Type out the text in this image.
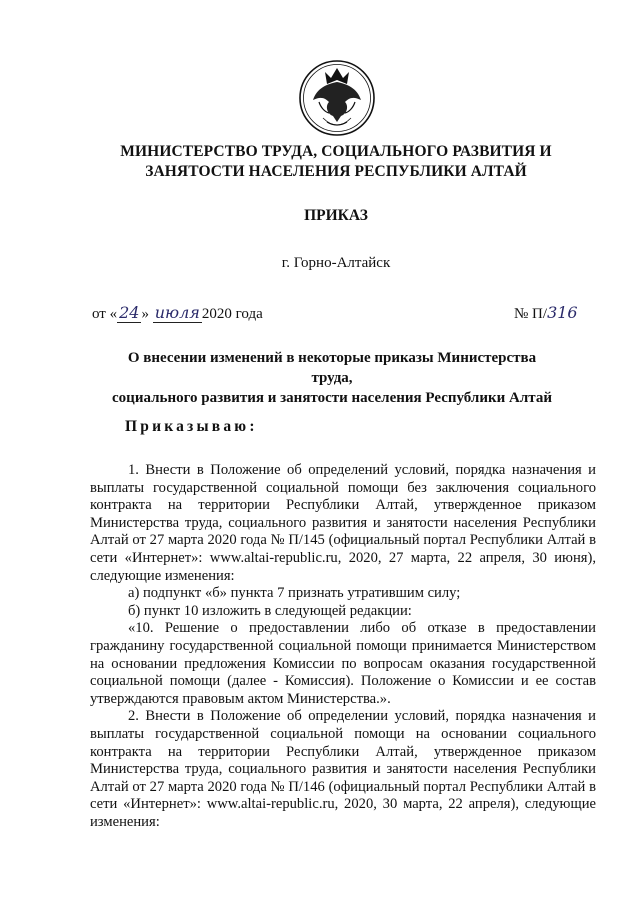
МИНИСТЕРСТВО ТРУДА, СОЦИАЛЬНОГО РАЗВИТИЯ И
ЗАНЯТОСТИ НАСЕЛЕНИЯ РЕСПУБЛИКИ АЛТАЙ
ПРИКАЗ
г. Горно-Алтайск
от « 24 » июля 2020 года	№ П/316
О внесении изменений в некоторые приказы Министерства труда,
социального развития и занятости населения Республики Алтай
Приказываю:

1. Внести в Положение об определений условий, порядка назначения и выплаты государственной социальной помощи без заключения социального контракта на территории Республики Алтай, утвержденное приказом Министерства труда, социального развития и занятости населения Республики Алтай от 27 марта 2020 года № П/145 (официальный портал Республики Алтай в сети «Интернет»: www.altai-republic.ru, 2020, 27 марта, 22 апреля, 30 июня), следующие изменения:

а) подпункт «б» пункта 7 признать утратившим силу;

б) пункт 10 изложить в следующей редакции:

«10. Решение о предоставлении либо об отказе в предоставлении гражданину государственной социальной помощи принимается Министерством на основании предложения Комиссии по вопросам оказания государственной социальной помощи (далее - Комиссия). Положение о Комиссии и ее состав утверждаются правовым актом Министерства.».

2. Внести в Положение об определении условий, порядка назначения и выплаты государственной социальной помощи на основании социального контракта на территории Республики Алтай, утвержденное приказом Министерства труда, социального развития и занятости населения Республики Алтай от 27 марта 2020 года № П/146 (официальный портал Республики Алтай в сети «Интернет»: www.altai-republic.ru, 2020, 30 марта, 22 апреля), следующие изменения:
